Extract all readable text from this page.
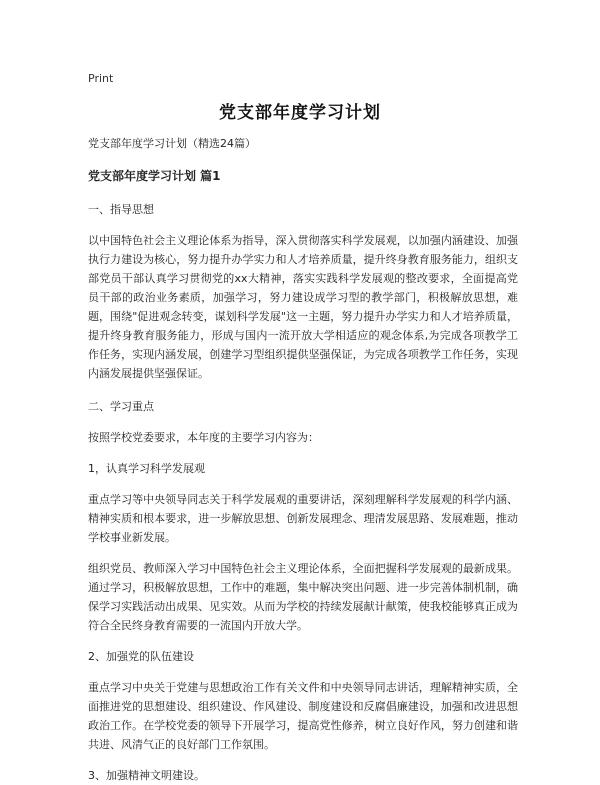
Print
党支部年度学习计划

党支部年度学习计划（精选24篇）

党支部年度学习计划 篇1

一、指导思想

以中国特色社会主义理论体系为指导，深入贯彻落实科学发展观，以加强内涵建设、加强执行力建设为核心，努力提升办学实力和人才培养质量，提升终身教育服务能力，组织支部党员干部认真学习贯彻党的xx大精神，落实实践科学发展观的整改要求，全面提高党员干部的政治业务素质，加强学习，努力建设成学习型的教学部门，积极解放思想，难题，围绕"促进观念转变，谋划科学发展"这一主题，努力提升办学实力和人才培养质量，提升终身教育服务能力，形成与国内一流开放大学相适应的观念体系,为完成各项教学工作任务，实现内涵发展，创建学习型组织提供坚强保证，为完成各项教学工作任务，实现内涵发展提供坚强保证。

二、学习重点

按照学校党委要求，本年度的主要学习内容为：

1，认真学习科学发展观

重点学习等中央领导同志关于科学发展观的重要讲话，深刻理解科学发展观的科学内涵、精神实质和根本要求，进一步解放思想、创新发展理念、理清发展思路、发展难题，推动学校事业新发展。

组织党员、教师深入学习中国特色社会主义理论体系，全面把握科学发展观的最新成果。通过学习，积极解放思想，工作中的难题，集中解决突出问题、进一步完善体制机制，确保学习实践活动出成果、见实效。从而为学校的持续发展献计献策，使我校能够真正成为符合全民终身教育需要的一流国内开放大学。

2、加强党的队伍建设

重点学习中央关于党建与思想政治工作有关文件和中央领导同志讲话，理解精神实质，全面推进党的思想建设、组织建设、作风建设、制度建设和反腐倡廉建设，加强和改进思想政治工作。在学校党委的领导下开展学习，提高党性修养，树立良好作风，努力创建和谐共进、风清气正的良好部门工作氛围。

3、加强精神文明建设。
